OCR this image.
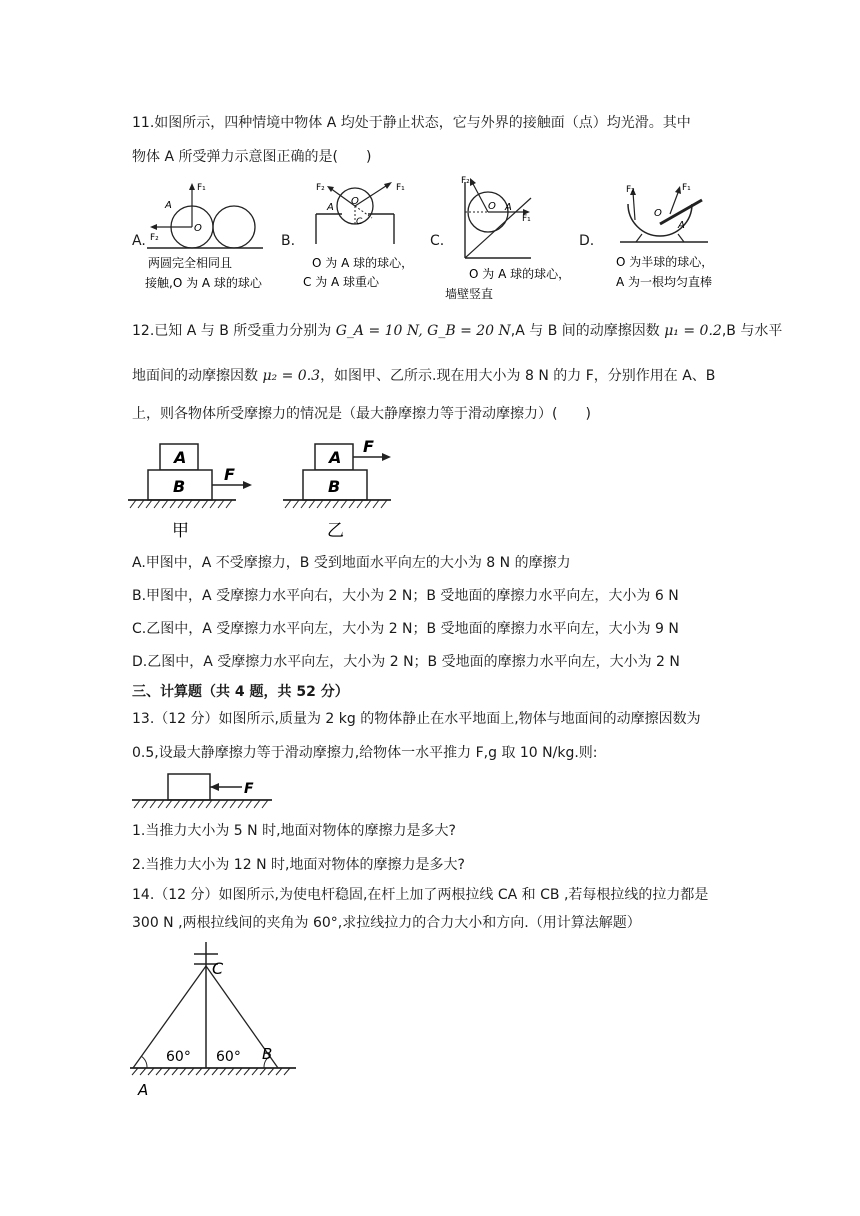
11.如图所示，四种情境中物体 A 均处于静止状态，它与外界的接触面（点）均光滑。其中
物体 A 所受弹力示意图正确的是(　　)
A.	B.	C.	D.
F₁
F₂
A
O
两圆完全相同且
接触,O 为 A 球的球心
F₁
F₂
A
O
C
O 为 A 球的球心，
C 为 A 球重心
F₂
F₁
A
O
O 为 A 球的球心，
墙壁竖直
F₂	F₁
O
A
O 为半球的球心，
A 为一根均匀直棒
12.已知 A 与 B 所受重力分别为 G_A = 10 N, G_B = 20 N,A 与 B 间的动摩擦因数 μ₁ = 0.2,B 与水平
地面间的动摩擦因数 μ₂ = 0.3，如图甲、乙所示.现在用大小为 8 N 的力 F，分别作用在 A、B
上，则各物体所受摩擦力的情况是（最大静摩擦力等于滑动摩擦力）(　　)
A
B
F
甲
A
B
F
乙
A.甲图中，A 不受摩擦力，B 受到地面水平向左的大小为 8 N 的摩擦力
B.甲图中，A 受摩擦力水平向右，大小为 2 N；B 受地面的摩擦力水平向左，大小为 6 N
C.乙图中，A 受摩擦力水平向左，大小为 2 N；B 受地面的摩擦力水平向左，大小为 9 N
D.乙图中，A 受摩擦力水平向左，大小为 2 N；B 受地面的摩擦力水平向左，大小为 2 N
三、计算题（共 4 题，共 52 分）
13.（12 分）如图所示,质量为 2 kg 的物体静止在水平地面上,物体与地面间的动摩擦因数为
0.5,设最大静摩擦力等于滑动摩擦力,给物体一水平推力 F,g 取 10 N/kg.则:
F
1.当推力大小为 5 N 时,地面对物体的摩擦力是多大?
2.当推力大小为 12 N 时,地面对物体的摩擦力是多大?
14.（12 分）如图所示,为使电杆稳固,在杆上加了两根拉线 CA 和 CB ,若每根拉线的拉力都是
300 N ,两根拉线间的夹角为 60°,求拉线拉力的合力大小和方向.（用计算法解题）
C
60° 60° B
A
